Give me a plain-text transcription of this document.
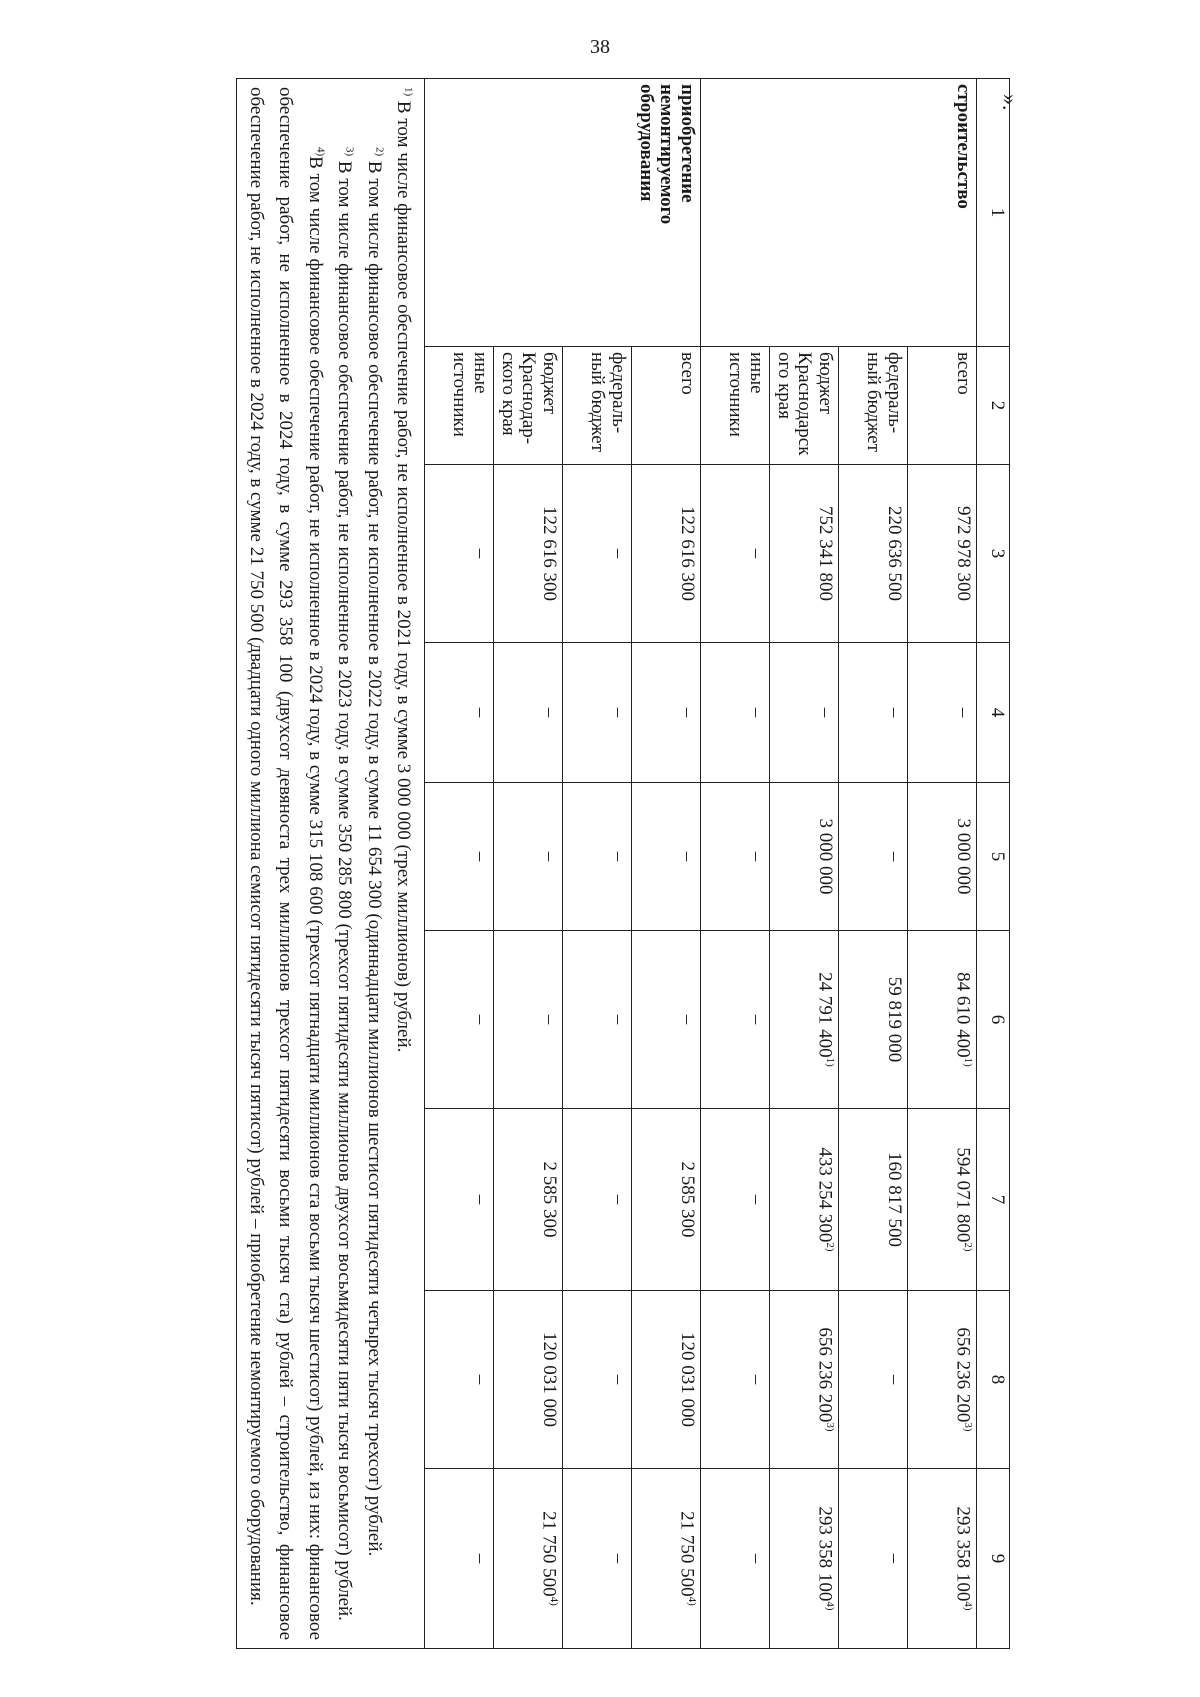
38
».
1	2	3	4	5	6	7	8	9
строительство	всего	972 978 300	–	3 000 000	84 610 400$^{1)}$	594 071 800$^{2)}$	656 236 200$^{3)}$	293 358 100$^{4)}$
	федераль-ный бюджет	220 636 500	–	–	59 819 000	160 817 500	–	–
	бюджет Краснодарск ого края	752 341 800	–	3 000 000	24 791 400$^{1)}$	433 254 300$^{2)}$	656 236 200$^{3)}$	293 358 100$^{4)}$
	иные источники	–	–	–	–	–	–	–
приобретение немонтируемого оборудования	всего	122 616 300	–	–	–	2 585 300	120 031 000	21 750 500$^{4)}$
	федераль-ный бюджет	–	–	–	–	–	–	–
	бюджет Краснодар-ского края	122 616 300	–	–	–	2 585 300	120 031 000	21 750 500$^{4)}$
	иные источники	–	–	–	–	–	–	–

$^{1)}$ В том числе финансовое обеспечение работ, не исполненное в 2021 году, в сумме 3 000 000 (трех миллионов) рублей.

$^{2)}$ В том числе финансовое обеспечение работ, не исполненное в 2022 году, в сумме 11 654 300 (одиннадцати миллионов шестисот пятидесяти четырех тысяч трехсот) рублей.

$^{3)}$ В том числе финансовое обеспечение работ, не исполненное в 2023 году, в сумме 350 285 800 (трехсот пятидесяти миллионов двухсот восьмидесяти пяти тысяч восьмисот) рублей.

$^{4)}$В том числе финансовое обеспечение работ, не исполненное в 2024 году, в сумме 315 108 600 (трехсот пятнадцати миллионов ста восьми тысяч шестисот) рублей, из них: финансовое обеспечение работ, не исполненное в 2024 году, в сумме 293 358 100 (двухсот девяноста трех миллионов трехсот пятидесяти восьми тысяч ста) рублей – строительство, финансовое обеспечение работ, не исполненное в 2024 году, в сумме 21 750 500 (двадцати одного миллиона семисот пятидесяти тысяч пятисот) рублей – приобретение немонтируемого оборудования.								
